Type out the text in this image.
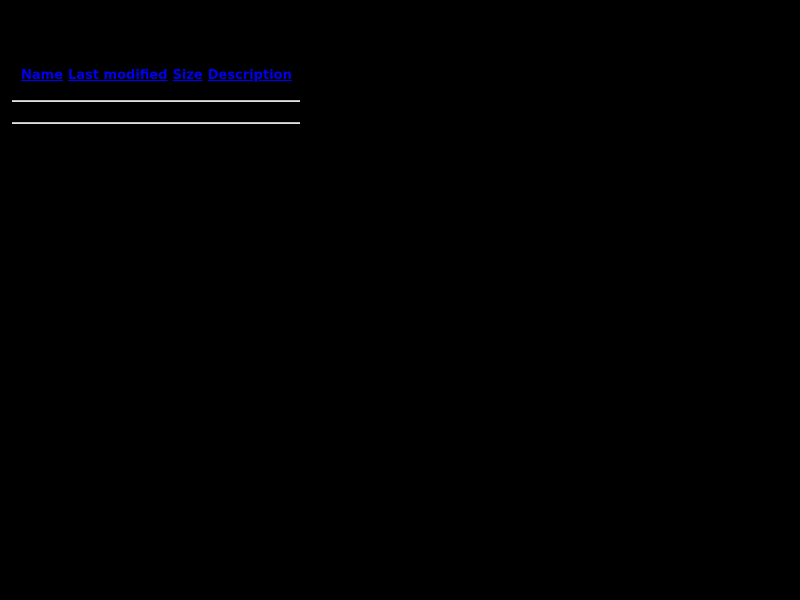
Name Last modified Size Description
